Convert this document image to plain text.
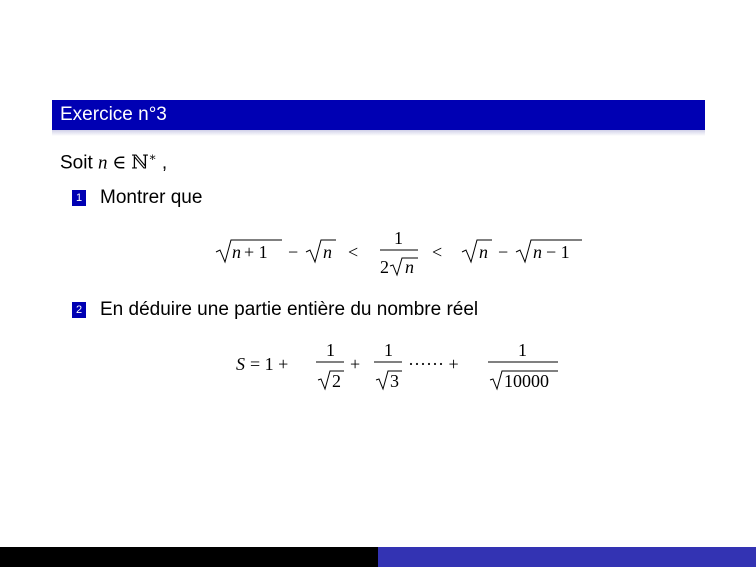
Exercice n°3
Soit n ∈ ℕ∗ ,
1 Montrer que
n + 1 − n <
1
2 n
< n − n − 1
2 En déduire une partie entière du nombre réel
S = 1 +
1
2
+
1
3
······ +
1
10000
